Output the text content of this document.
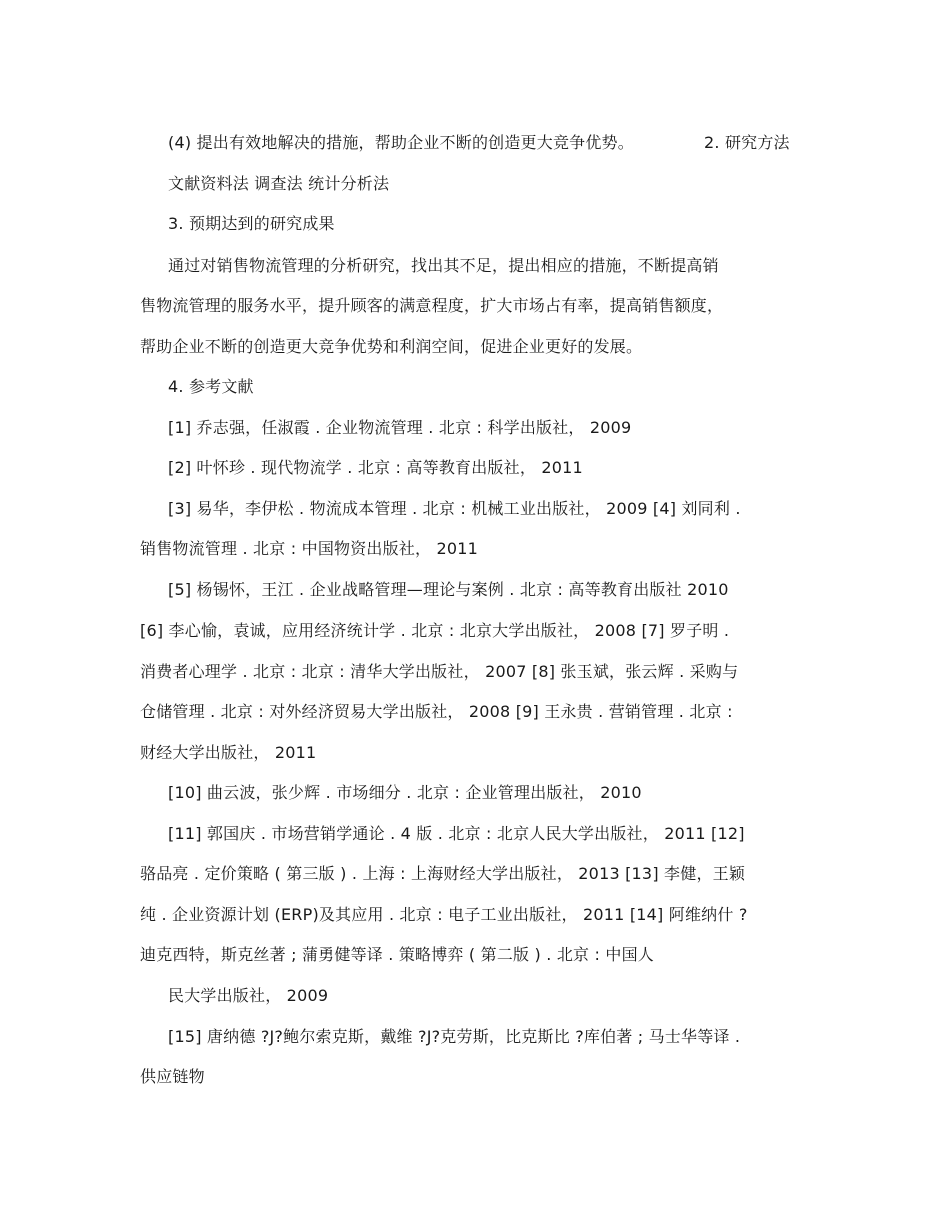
(4) 提出有效地解决的措施，帮助企业不断的创造更大竞争优势。	2. 研究方法
文献资料法 调查法 统计分析法
3. 预期达到的研究成果
通过对销售物流管理的分析研究，找出其不足，提出相应的措施，不断提高销
售物流管理的服务水平，提升顾客的满意程度，扩大市场占有率，提高销售额度，
帮助企业不断的创造更大竞争优势和利润空间，促进企业更好的发展。
4. 参考文献
[1] 乔志强，任淑霞 . 企业物流管理 . 北京 : 科学出版社， 2009
[2] 叶怀珍 . 现代物流学 . 北京 : 高等教育出版社， 2011
[3] 易华，李伊松 . 物流成本管理 . 北京 : 机械工业出版社， 2009 [4] 刘同利 .
销售物流管理 . 北京 : 中国物资出版社， 2011
[5] 杨锡怀，王江 . 企业战略管理—理论与案例 . 北京 : 高等教育出版社 2010
[6] 李心愉，袁诚，应用经济统计学 . 北京 : 北京大学出版社， 2008 [7] 罗子明 .
消费者心理学 . 北京 : 北京 : 清华大学出版社， 2007 [8] 张玉斌，张云辉 . 采购与
仓储管理 . 北京 : 对外经济贸易大学出版社， 2008 [9] 王永贵 . 营销管理 . 北京 :
财经大学出版社， 2011
[10] 曲云波，张少辉 . 市场细分 . 北京 : 企业管理出版社， 2010
[11] 郭国庆 . 市场营销学通论 . 4 版 . 北京 : 北京人民大学出版社， 2011 [12]
骆品亮 . 定价策略 ( 第三版 ) . 上海 : 上海财经大学出版社， 2013 [13] 李健，王颖
纯 . 企业资源计划 (ERP)及其应用 . 北京 : 电子工业出版社， 2011 [14] 阿维纳什 ?
迪克西特，斯克丝著 ; 蒲勇健等译 . 策略博弈 ( 第二版 ) . 北京 : 中国人
民大学出版社， 2009
[15] 唐纳德 ?J?鲍尔索克斯，戴维 ?J?克劳斯，比克斯比 ?库伯著 ; 马士华等译 .
供应链物
